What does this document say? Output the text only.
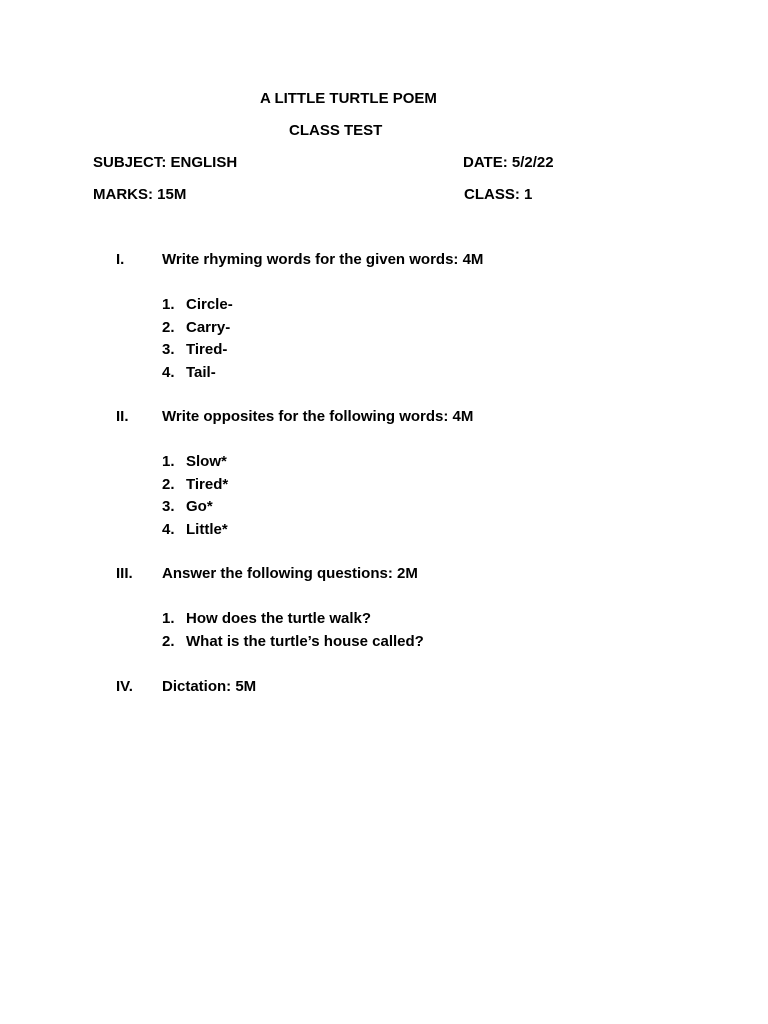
A LITTLE TURTLE POEM
CLASS TEST
SUBJECT: ENGLISH	DATE: 5/2/22
MARKS: 15M	CLASS: 1
I.	Write rhyming words for the given words: 4M
1. Circle-
2. Carry-
3. Tired-
4. Tail-
II. Write opposites for the following words: 4M
1. Slow*
2. Tired*
3. Go*
4. Little*
III. Answer the following questions: 2M
1. How does the turtle walk?
2. What is the turtle’s house called?
IV. Dictation: 5M
